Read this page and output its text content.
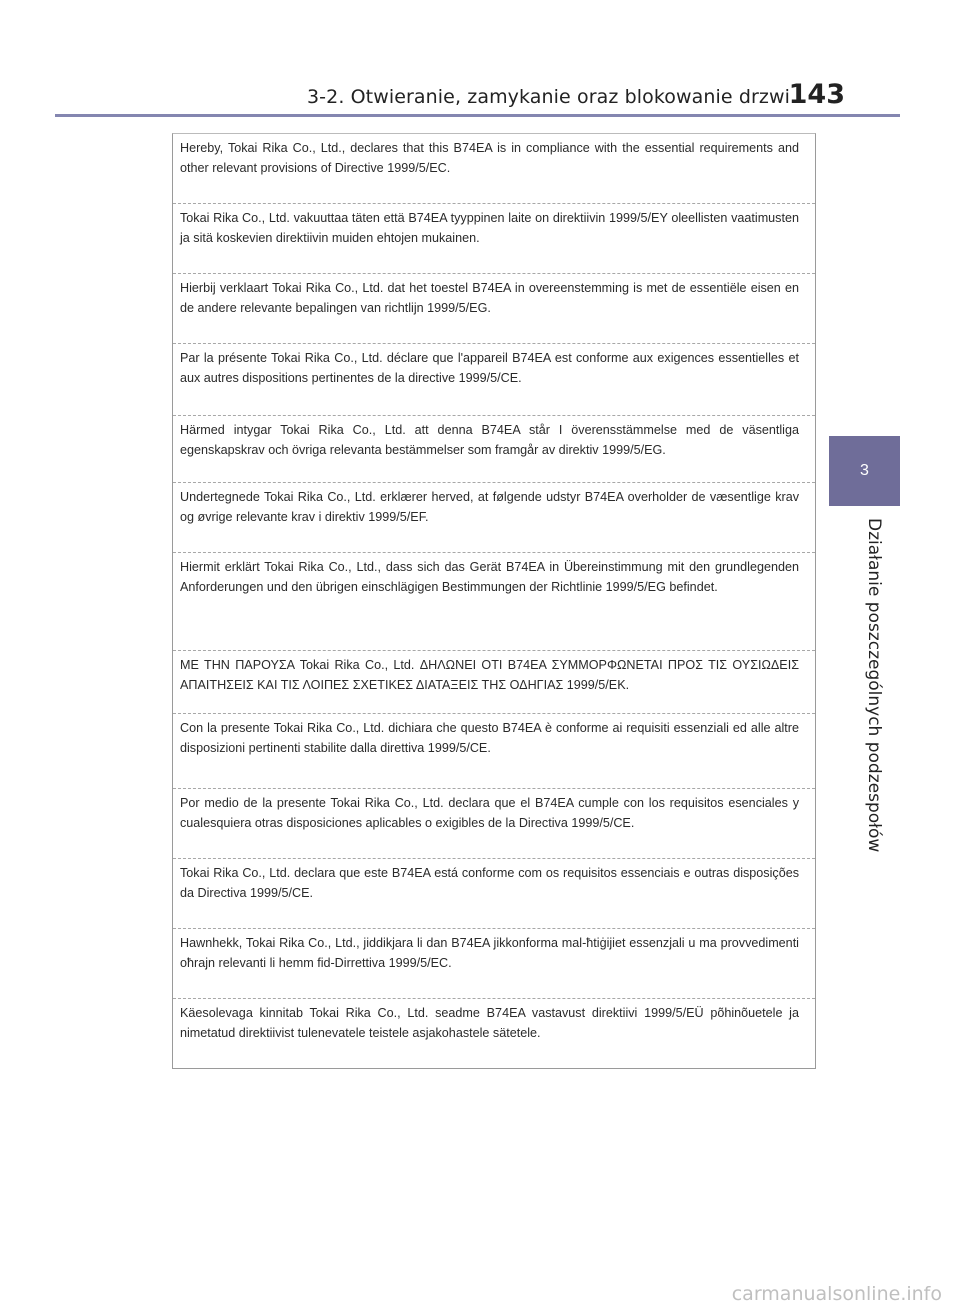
3-2. Otwieranie, zamykanie oraz blokowanie drzwi
143
3
Działanie poszczególnych podzespołów
Hereby, Tokai Rika Co., Ltd., declares that this B74EA is in compliance with the essential requirements and other relevant provisions of Directive 1999/5/EC.
Tokai Rika Co., Ltd. vakuuttaa täten että B74EA tyyppinen laite on direktiivin 1999/5/EY oleellisten vaatimusten ja sitä koskevien direktiivin muiden ehtojen mukainen.
Hierbij verklaart Tokai Rika Co., Ltd. dat het toestel B74EA in overeenstemming is met de essentiële eisen en de andere relevante bepalingen van richtlijn 1999/5/EG.
Par la présente Tokai Rika Co., Ltd. déclare que l'appareil B74EA est conforme aux exigences essentielles et aux autres dispositions pertinentes de la directive 1999/5/CE.
Härmed intygar Tokai Rika Co., Ltd. att denna B74EA står I överensstämmelse med de väsentliga egenskapskrav och övriga relevanta bestämmelser som framgår av direktiv 1999/5/EG.
Undertegnede Tokai Rika Co., Ltd. erklærer herved, at følgende udstyr B74EA overholder de væsentlige krav og øvrige relevante krav i direktiv 1999/5/EF.
Hiermit erklärt Tokai Rika Co., Ltd., dass sich das Gerät B74EA in Übereinstimmung mit den grundlegenden Anforderungen und den übrigen einschlägigen Bestimmungen der Richtlinie 1999/5/EG befindet.
ΜΕ ΤΗΝ ΠΑΡΟΥΣΑ Tokai Rika Co., Ltd. ΔΗΛΩΝΕΙ ΟΤΙ B74EA ΣΥΜΜΟΡΦΩΝΕΤΑΙ ΠΡΟΣ ΤΙΣ ΟΥΣΙΩΔΕΙΣ ΑΠΑΙΤΗΣΕΙΣ ΚΑΙ ΤΙΣ ΛΟΙΠΕΣ ΣΧΕΤΙΚΕΣ ΔΙΑΤΑΞΕΙΣ ΤΗΣ ΟΔΗΓΙΑΣ 1999/5/ΕΚ.
Con la presente Tokai Rika Co., Ltd. dichiara che questo B74EA è conforme ai requisiti essenziali ed alle altre disposizioni pertinenti stabilite dalla direttiva 1999/5/CE.
Por medio de la presente Tokai Rika Co., Ltd. declara que el B74EA cumple con los requisitos esenciales y cualesquiera otras disposiciones aplicables o exigibles de la Directiva 1999/5/CE.
Tokai Rika Co., Ltd. declara que este B74EA está conforme com os requisitos essenciais e outras disposições da Directiva 1999/5/CE.
Hawnhekk, Tokai Rika Co., Ltd., jiddikjara li dan B74EA jikkonforma mal-ħtiġijiet essenzjali u ma provvedimenti oħrajn relevanti li hemm fid-Dirrettiva 1999/5/EC.
Käesolevaga kinnitab Tokai Rika Co., Ltd. seadme B74EA vastavust direktiivi 1999/5/EÜ põhinõuetele ja nimetatud direktiivist tulenevatele teistele asjakohastele sätetele.
carmanualsonline.info
